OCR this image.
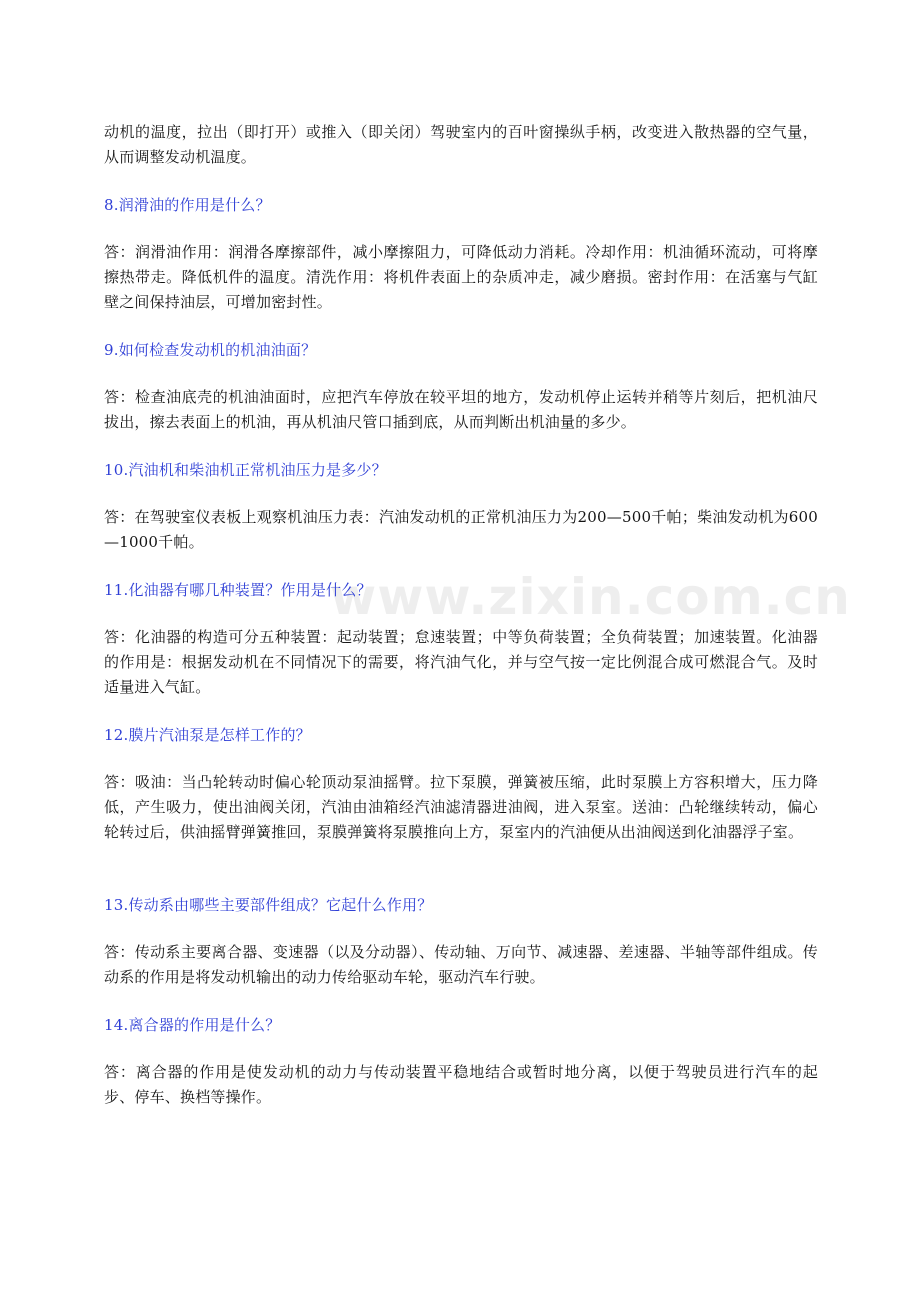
www.zixin.com.cn

动机的温度，拉出（即打开）或推入（即关闭）驾驶室内的百叶窗操纵手柄，改变进入散热器的空气量，从而调整发动机温度。

8.润滑油的作用是什么？

答：润滑油作用：润滑各摩擦部件，减小摩擦阻力，可降低动力消耗。冷却作用：机油循环流动，可将摩擦热带走。降低机件的温度。清洗作用：将机件表面上的杂质冲走，减少磨损。密封作用：在活塞与气缸壁之间保持油层，可增加密封性。

9.如何检查发动机的机油油面？

答：检查油底壳的机油油面时，应把汽车停放在较平坦的地方，发动机停止运转并稍等片刻后，把机油尺拔出，擦去表面上的机油，再从机油尺管口插到底，从而判断出机油量的多少。

10.汽油机和柴油机正常机油压力是多少？

答：在驾驶室仪表板上观察机油压力表：汽油发动机的正常机油压力为200—500千帕；柴油发动机为600—1000千帕。

11.化油器有哪几种装置？作用是什么？

答：化油器的构造可分五种装置：起动装置；怠速装置；中等负荷装置；全负荷装置；加速装置。化油器的作用是：根据发动机在不同情况下的需要，将汽油气化，并与空气按一定比例混合成可燃混合气。及时适量进入气缸。

12.膜片汽油泵是怎样工作的？

答：吸油：当凸轮转动时偏心轮顶动泵油摇臂。拉下泵膜，弹簧被压缩，此时泵膜上方容积增大，压力降低，产生吸力，使出油阀关闭，汽油由油箱经汽油滤清器进油阀，进入泵室。送油：凸轮继续转动，偏心轮转过后，供油摇臂弹簧推回，泵膜弹簧将泵膜推向上方，泵室内的汽油便从出油阀送到化油器浮子室。

13.传动系由哪些主要部件组成？它起什么作用？

答：传动系主要离合器、变速器（以及分动器）、传动轴、万向节、减速器、差速器、半轴等部件组成。传动系的作用是将发动机输出的动力传给驱动车轮，驱动汽车行驶。

14.离合器的作用是什么？

答：离合器的作用是使发动机的动力与传动装置平稳地结合或暂时地分离，以便于驾驶员进行汽车的起步、停车、换档等操作。
